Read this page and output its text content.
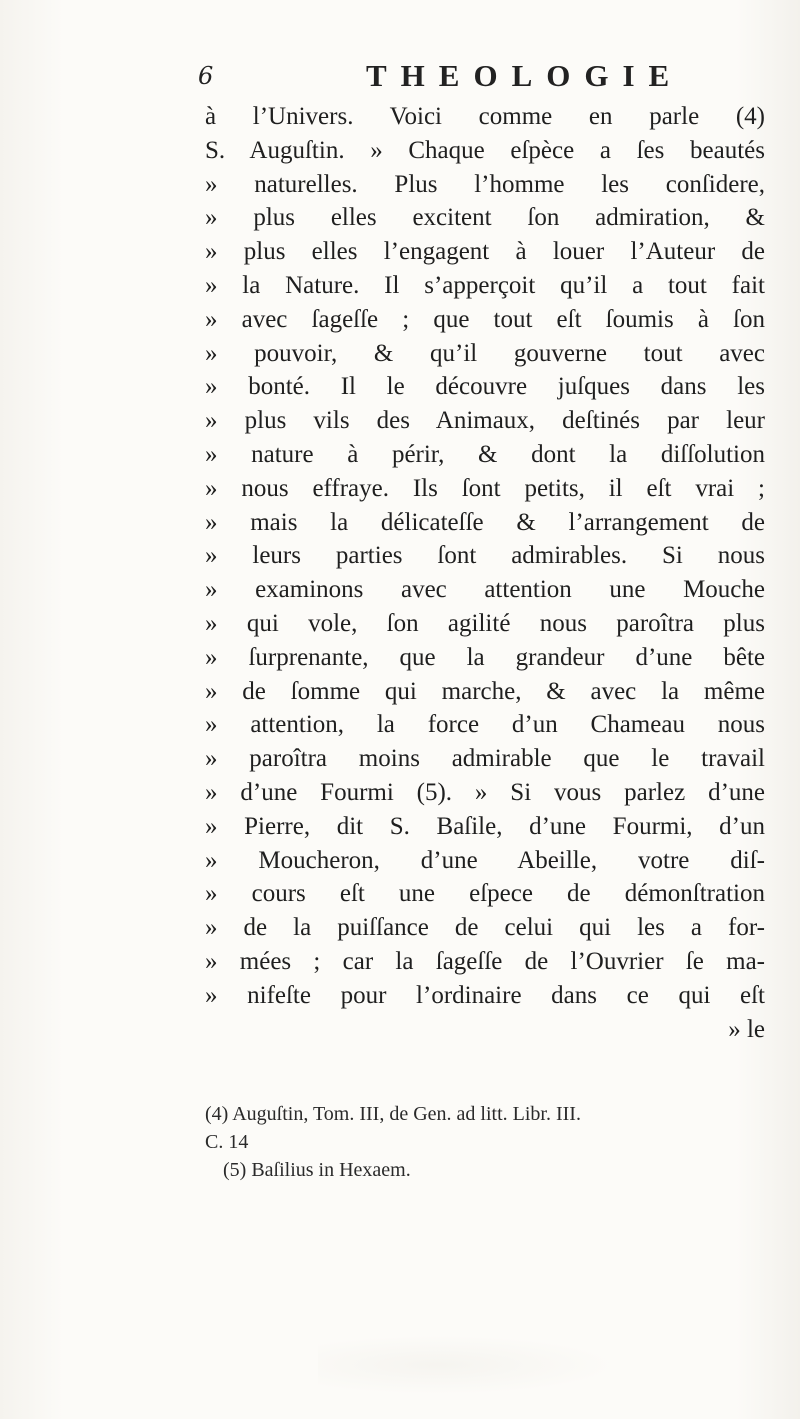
6	THEOLOGIE
à l’Univers. Voici comme en parle (4)
S. Auguſtin. » Chaque eſpèce a ſes beautés
» naturelles. Plus l’homme les conſidere,
» plus elles excitent ſon admiration, &
» plus elles l’engagent à louer l’Auteur de
» la Nature. Il s’apperçoit qu’il a tout fait
» avec ſageſſe ; que tout eſt ſoumis à ſon
» pouvoir, & qu’il gouverne tout avec
» bonté. Il le découvre juſques dans les
» plus vils des Animaux, deſtinés par leur
» nature à périr, & dont la diſſolution
» nous effraye. Ils ſont petits, il eſt vrai ;
» mais la délicateſſe & l’arrangement de
» leurs parties ſont admirables. Si nous
» examinons avec attention une Mouche
» qui vole, ſon agilité nous paroîtra plus
» ſurprenante, que la grandeur d’une bête
» de ſomme qui marche, & avec la même
» attention, la force d’un Chameau nous
» paroîtra moins admirable que le travail
» d’une Fourmi (5). » Si vous parlez d’une
» Pierre, dit S. Baſile, d’une Fourmi, d’un
» Moucheron, d’une Abeille, votre diſ-
» cours eſt une eſpece de démonſtration
» de la puiſſance de celui qui les a for-
» mées ; car la ſageſſe de l’Ouvrier ſe ma-
» nifeſte pour l’ordinaire dans ce qui eſt
» le
(4) Auguſtin, Tom. III, de Gen. ad litt. Libr. III.
C. 14
(5) Baſilius in Hexaem.
